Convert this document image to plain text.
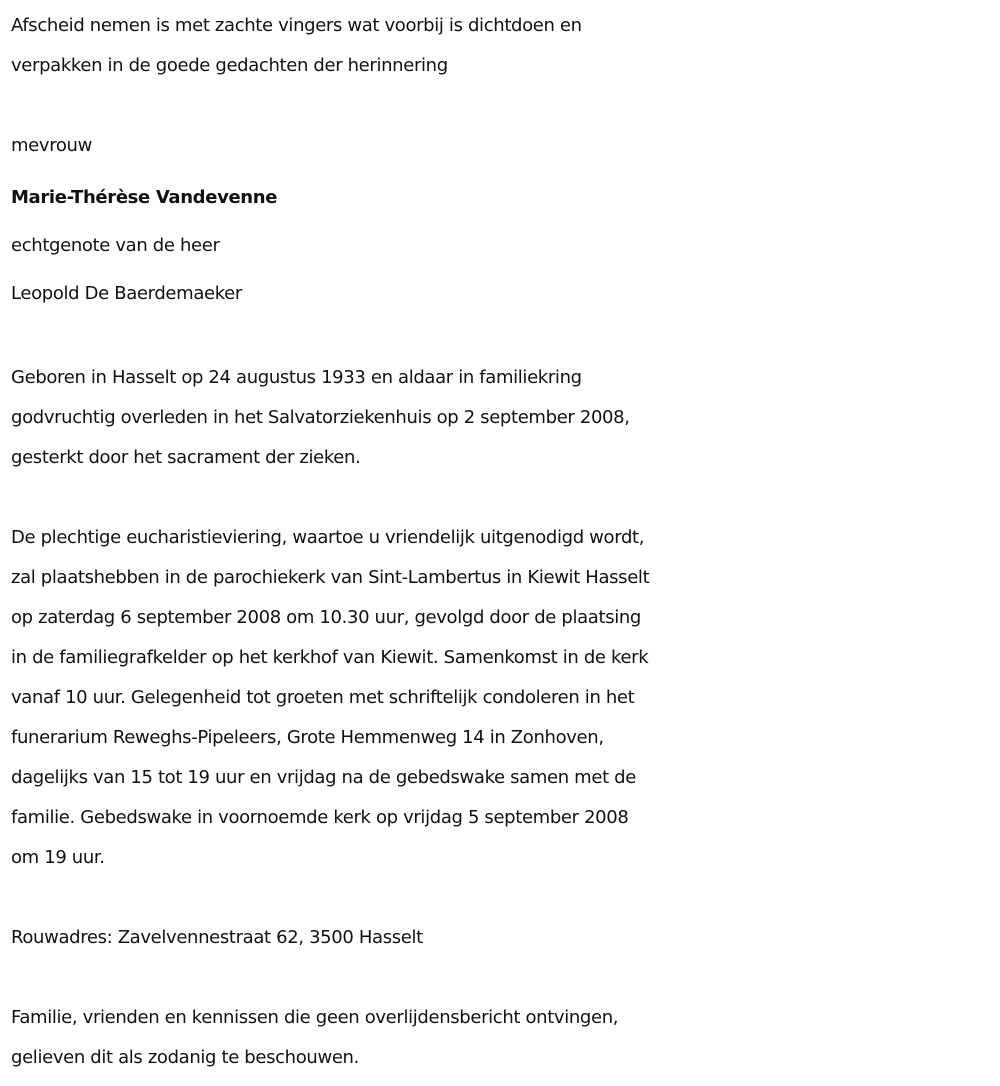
Afscheid nemen is met zachte vingers wat voorbij is dichtdoen en

verpakken in de goede gedachten der herinnering

mevrouw

Marie-Thérèse Vandevenne

echtgenote van de heer

Leopold De Baerdemaeker

Geboren in Hasselt op 24 augustus 1933 en aldaar in familiekring

godvruchtig overleden in het Salvatorziekenhuis op 2 september 2008,

gesterkt door het sacrament der zieken.

De plechtige eucharistieviering, waartoe u vriendelijk uitgenodigd wordt,

zal plaatshebben in de parochiekerk van Sint-Lambertus in Kiewit Hasselt

op zaterdag 6 september 2008 om 10.30 uur, gevolgd door de plaatsing

in de familiegrafkelder op het kerkhof van Kiewit. Samenkomst in de kerk

vanaf 10 uur. Gelegenheid tot groeten met schriftelijk condoleren in het

funerarium Reweghs-Pipeleers, Grote Hemmenweg 14 in Zonhoven,

dagelijks van 15 tot 19 uur en vrijdag na de gebedswake samen met de

familie. Gebedswake in voornoemde kerk op vrijdag 5 september 2008

om 19 uur.

Rouwadres: Zavelvennestraat 62, 3500 Hasselt

Familie, vrienden en kennissen die geen overlijdensbericht ontvingen,

gelieven dit als zodanig te beschouwen.
